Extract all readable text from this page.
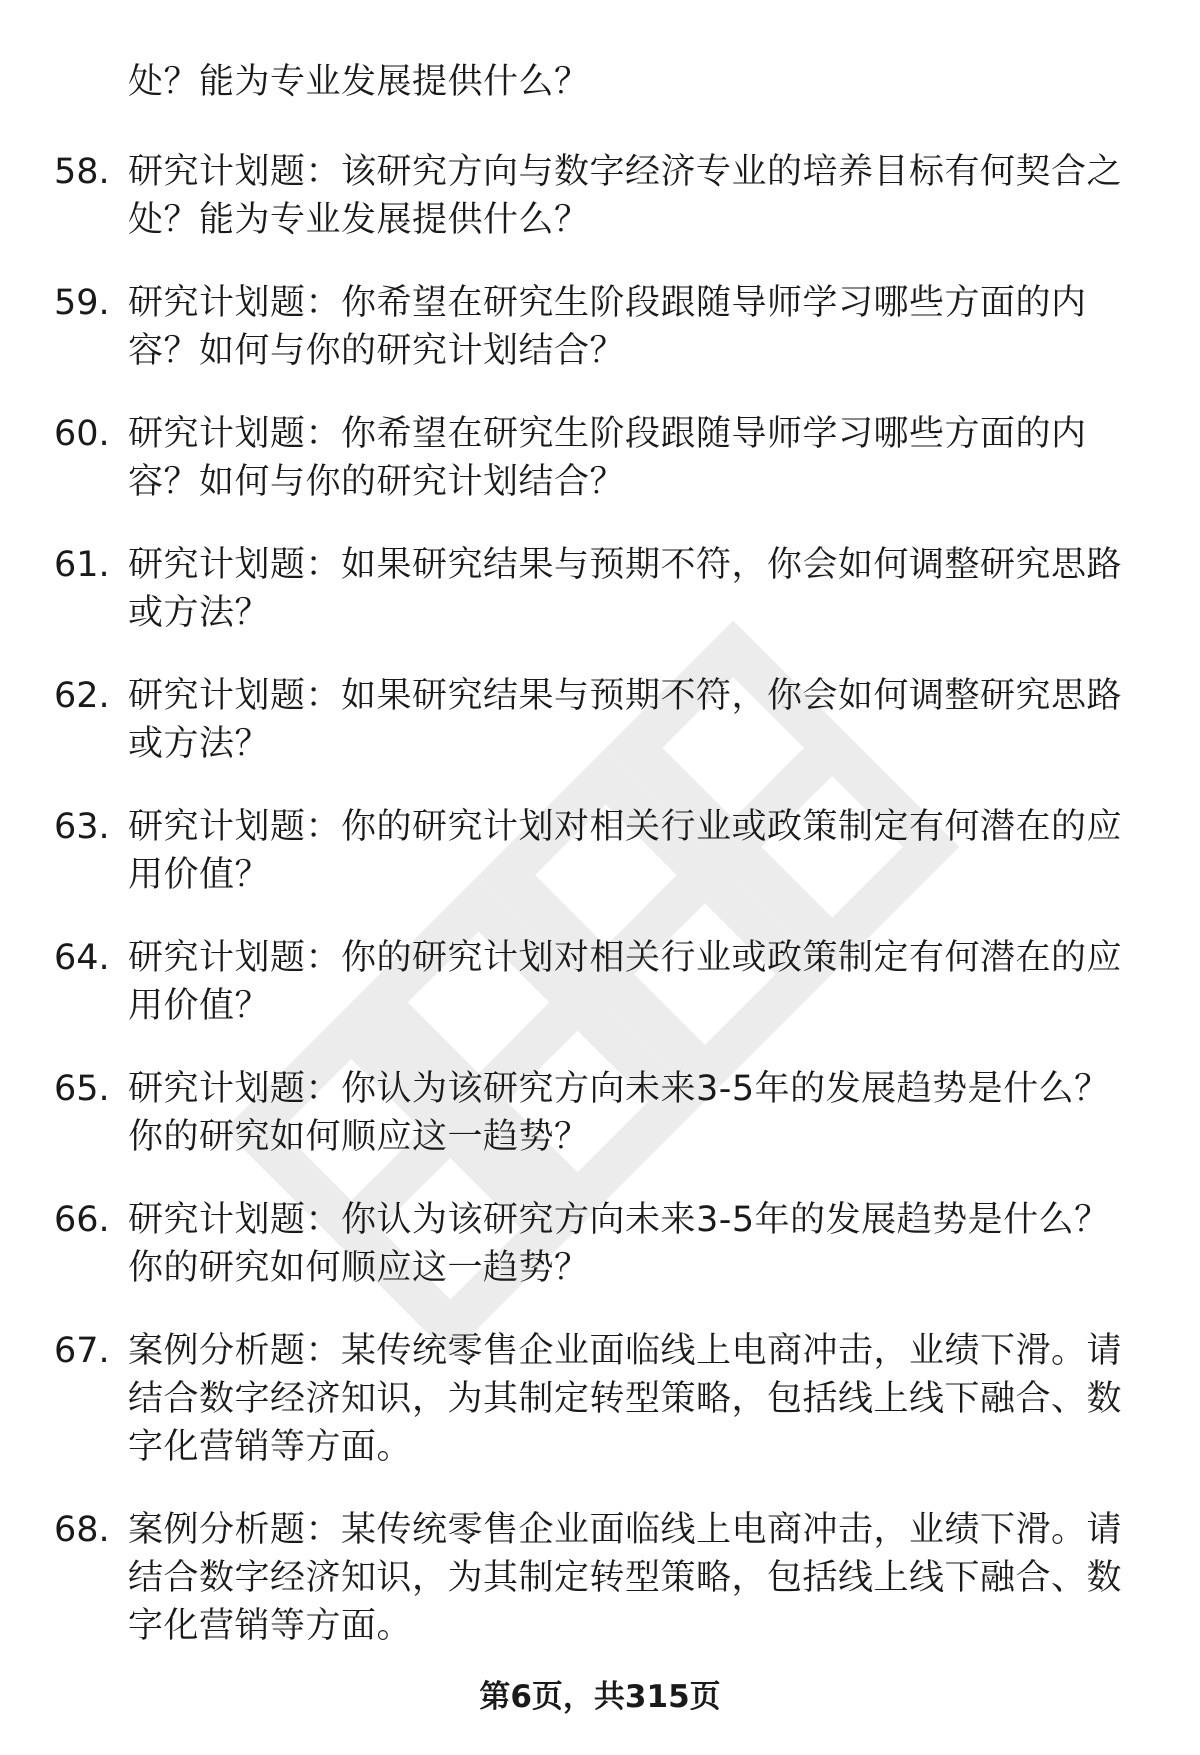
处？能为专业发展提供什么？
58. 研究计划题：该研究方向与数字经济专业的培养目标有何契合之处？能为专业发展提供什么？
59. 研究计划题：你希望在研究生阶段跟随导师学习哪些方面的内容？如何与你的研究计划结合？
60. 研究计划题：你希望在研究生阶段跟随导师学习哪些方面的内容？如何与你的研究计划结合？
61. 研究计划题：如果研究结果与预期不符，你会如何调整研究思路或方法？
62. 研究计划题：如果研究结果与预期不符，你会如何调整研究思路或方法？
63. 研究计划题：你的研究计划对相关行业或政策制定有何潜在的应用价值？
64. 研究计划题：你的研究计划对相关行业或政策制定有何潜在的应用价值？
65. 研究计划题：你认为该研究方向未来3-5年的发展趋势是什么？你的研究如何顺应这一趋势？
66. 研究计划题：你认为该研究方向未来3-5年的发展趋势是什么？你的研究如何顺应这一趋势？
67. 案例分析题：某传统零售企业面临线上电商冲击，业绩下滑。请结合数字经济知识，为其制定转型策略，包括线上线下融合、数字化营销等方面。
68. 案例分析题：某传统零售企业面临线上电商冲击，业绩下滑。请结合数字经济知识，为其制定转型策略，包括线上线下融合、数字化营销等方面。
第6页，共315页
